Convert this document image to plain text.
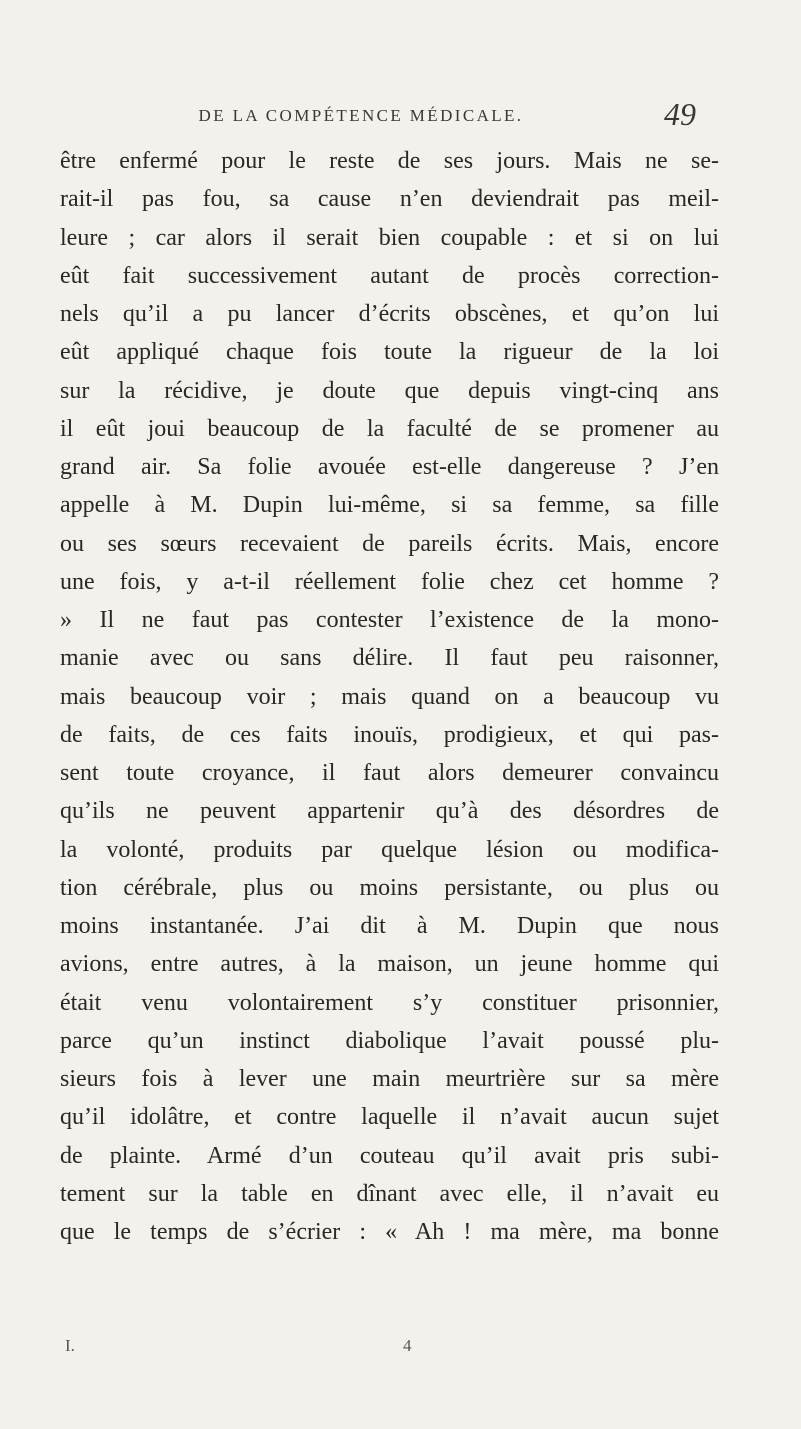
DE LA COMPÉTENCE MÉDICALE.	49
être enfermé pour le reste de ses jours. Mais ne se-
rait-il pas fou, sa cause n’en deviendrait pas meil-
leure ; car alors il serait bien coupable : et si on lui
eût fait successivement autant de procès correction-
nels qu’il a pu lancer d’écrits obscènes, et qu’on lui
eût appliqué chaque fois toute la rigueur de la loi
sur la récidive, je doute que depuis vingt-cinq ans
il eût joui beaucoup de la faculté de se promener au
grand air. Sa folie avouée est-elle dangereuse ? J’en
appelle à M. Dupin lui-même, si sa femme, sa fille
ou ses sœurs recevaient de pareils écrits. Mais, encore
une fois, y a-t-il réellement folie chez cet homme ?
» Il ne faut pas contester l’existence de la mono-
manie avec ou sans délire. Il faut peu raisonner,
mais beaucoup voir ; mais quand on a beaucoup vu
de faits, de ces faits inouïs, prodigieux, et qui pas-
sent toute croyance, il faut alors demeurer convaincu
qu’ils ne peuvent appartenir qu’à des désordres de
la volonté, produits par quelque lésion ou modifica-
tion cérébrale, plus ou moins persistante, ou plus ou
moins instantanée. J’ai dit à M. Dupin que nous
avions, entre autres, à la maison, un jeune homme qui
était venu volontairement s’y constituer prisonnier,
parce qu’un instinct diabolique l’avait poussé plu-
sieurs fois à lever une main meurtrière sur sa mère
qu’il idolâtre, et contre laquelle il n’avait aucun sujet
de plainte. Armé d’un couteau qu’il avait pris subi-
tement sur la table en dînant avec elle, il n’avait eu
que le temps de s’écrier : « Ah ! ma mère, ma bonne
I.	4
